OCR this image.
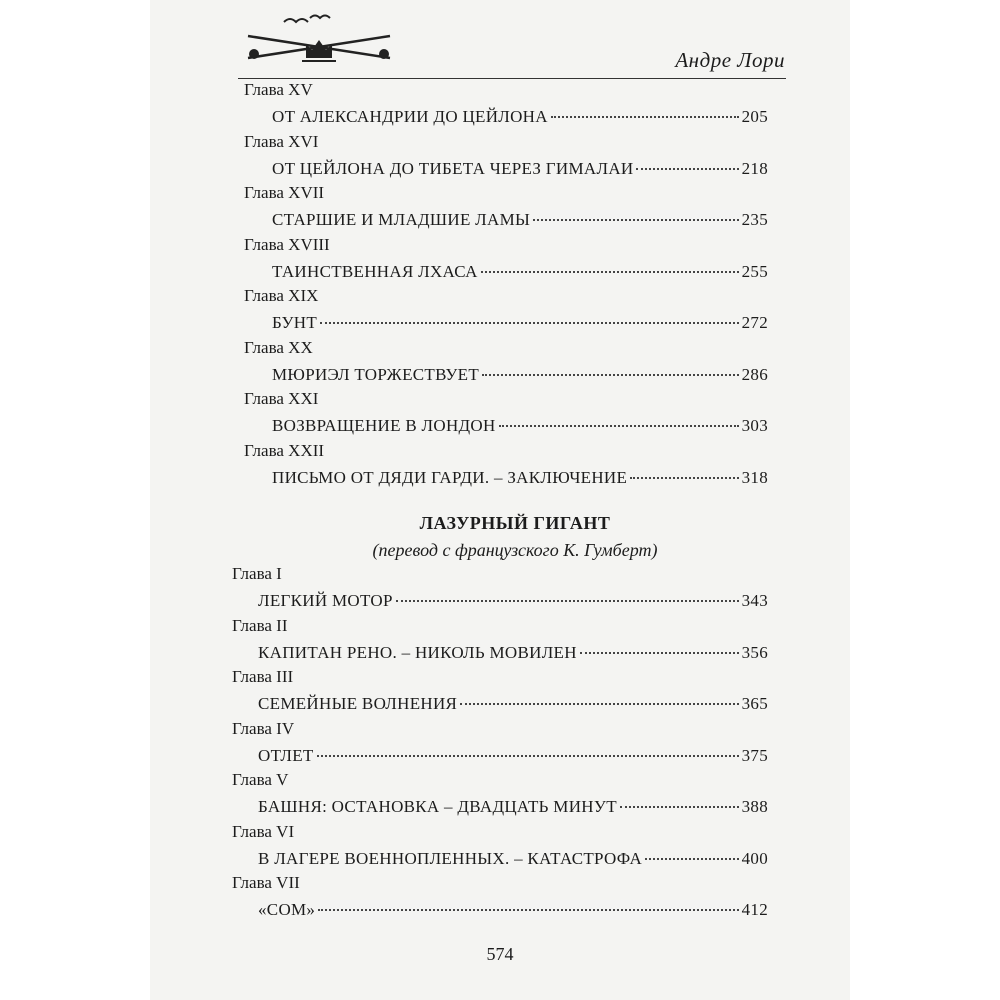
Андре Лори
ЛАЗУРНЫЙ ГИГАНТ
(перевод с французского К. Гумберт)
Глава XV
ОТ АЛЕКСАНДРИИ ДО ЦЕЙЛОНА	205
Глава XVI
ОТ ЦЕЙЛОНА ДО ТИБЕТА ЧЕРЕЗ ГИМАЛАИ	218
Глава XVII
СТАРШИЕ И МЛАДШИЕ ЛАМЫ	235
Глава XVIII
ТАИНСТВЕННАЯ ЛХАСА	255
Глава XIX
БУНТ	272
Глава XX
МЮРИЭЛ ТОРЖЕСТВУЕТ	286
Глава XXI
ВОЗВРАЩЕНИЕ В ЛОНДОН	303
Глава XXII
ПИСЬМО ОТ ДЯДИ ГАРДИ. – ЗАКЛЮЧЕНИЕ	318
Глава I
ЛЕГКИЙ МОТОР	343
Глава II
КАПИТАН РЕНО. – НИКОЛЬ МОВИЛЕН	356
Глава III
СЕМЕЙНЫЕ ВОЛНЕНИЯ	365
Глава IV
ОТЛЕТ	375
Глава V
БАШНЯ: ОСТАНОВКА – ДВАДЦАТЬ МИНУТ	388
Глава VI
В ЛАГЕРЕ ВОЕННОПЛЕННЫХ. – КАТАСТРОФА	400
Глава VII
«СОМ»	412
574
